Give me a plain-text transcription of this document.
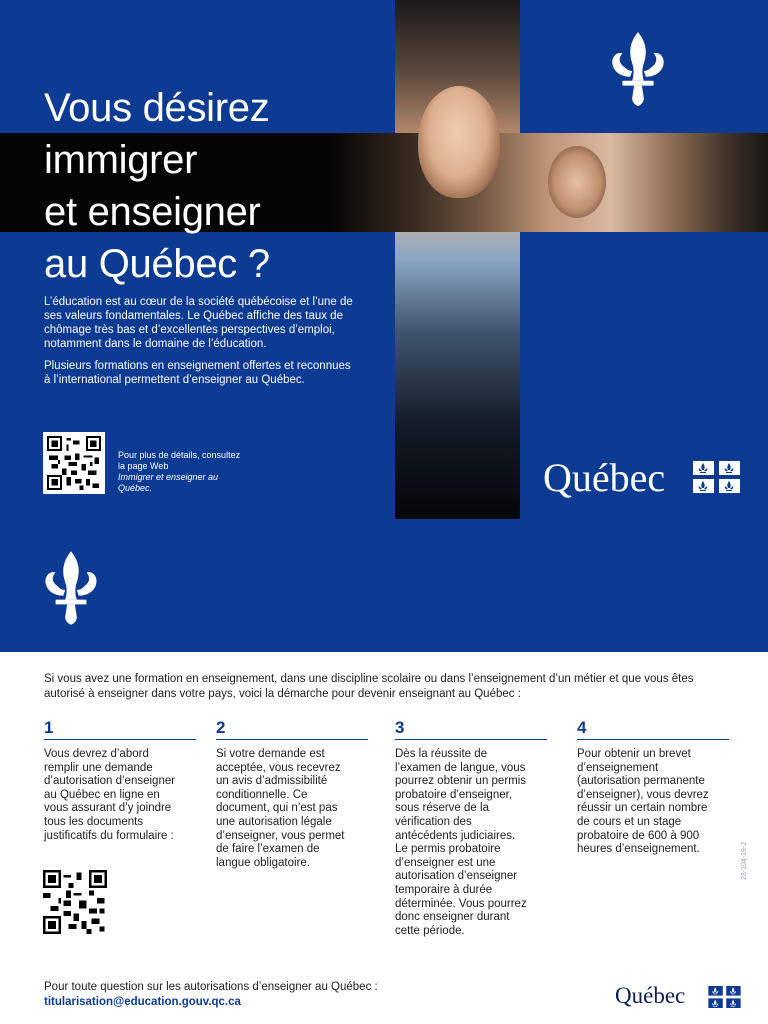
Vous désirez
immigrer
et enseigner
au Québec ?

L’éducation est au cœur de la société québécoise et l’une de ses valeurs fondamentales. Le Québec affiche des taux de chômage très bas et d’excellentes perspectives d’emploi, notamment dans le domaine de l’éducation.

Plusieurs formations en enseignement offertes et reconnues à l’international permettent d’enseigner au Québec.

Pour plus de détails, consultez la page Web
Immigrer et enseigner au Québec.	Québec

Si vous avez une formation en enseignement, dans une discipline scolaire ou dans l’enseignement d’un métier et que vous êtes autorisé à enseigner dans votre pays, voici la démarche pour devenir enseignant au Québec :

1
Vous devrez d’abord remplir une demande d’autorisation d’enseigner au Québec en ligne en vous assurant d’y joindre tous les documents justificatifs du formulaire :
2
Si votre demande est acceptée, vous recevrez un avis d’admissibilité conditionnelle. Ce document, qui n’est pas une autorisation légale d’enseigner, vous permet de faire l’examen de langue obligatoire.
3
Dès la réussite de l’examen de langue, vous pourrez obtenir un permis probatoire d’enseigner, sous réserve de la vérification des antécédents judiciaires. Le permis probatoire d’enseigner est une autorisation d’enseigner temporaire à durée déterminée. Vous pourrez donc enseigner durant cette période.
4
Pour obtenir un brevet d’enseignement (autorisation permanente d’enseigner), vous devrez réussir un certain nombre de cours et un stage probatoire de 600 à 900 heures d’enseignement.
Pour toute question sur les autorisations d’enseigner au Québec : titularisation@education.gouv.qc.ca
23-104-19-2
Québec
